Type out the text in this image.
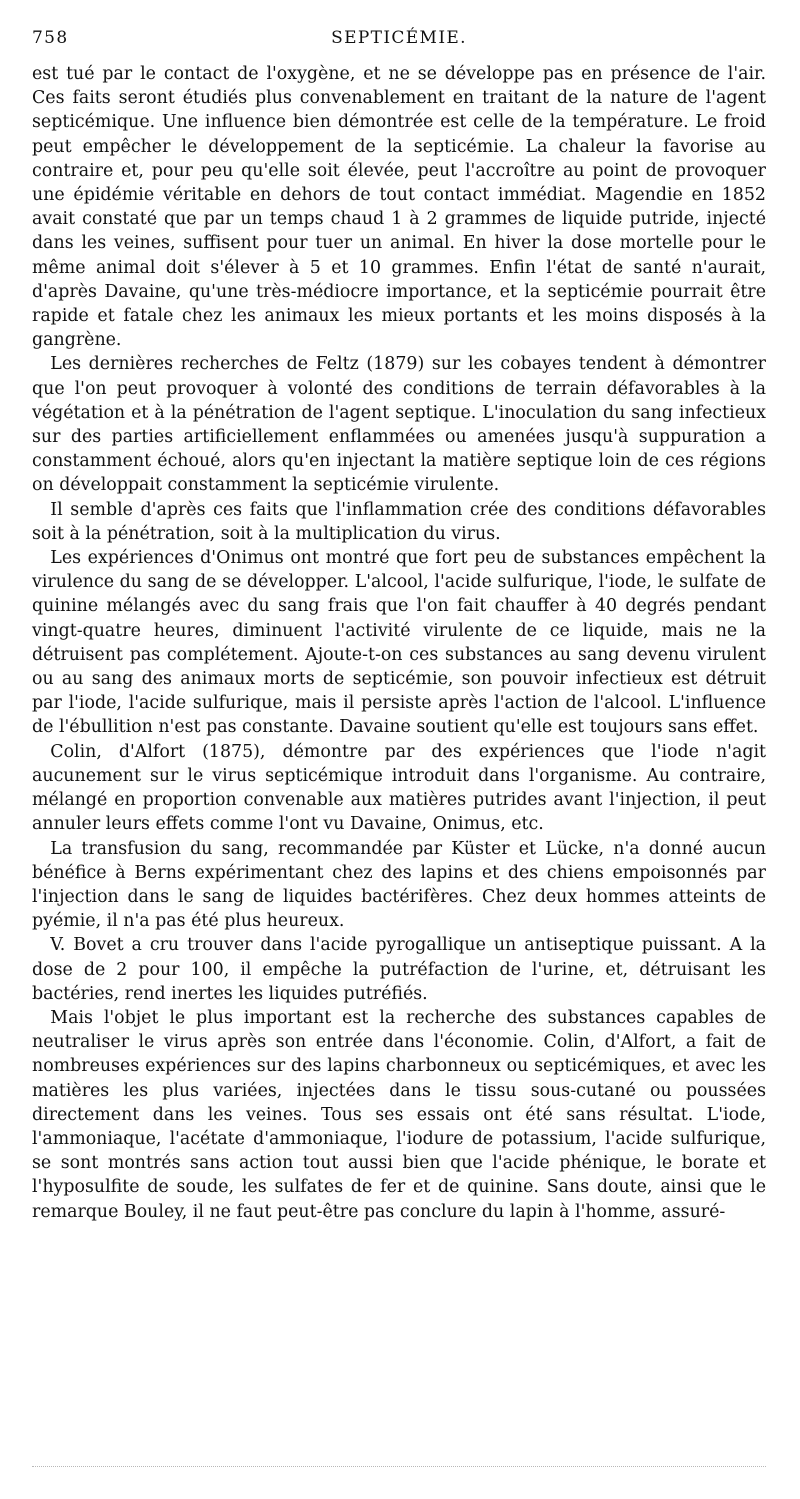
758	SEPTICÉMIE.

est tué par le contact de l'oxygène, et ne se développe pas en présence de l'air. Ces faits seront étudiés plus convenablement en traitant de la nature de l'agent septicémique. Une influence bien démontrée est celle de la température. Le froid peut empêcher le développement de la septicémie. La chaleur la favorise au contraire et, pour peu qu'elle soit élevée, peut l'accroître au point de provoquer une épidémie véritable en dehors de tout contact immédiat. Magendie en 1852 avait constaté que par un temps chaud 1 à 2 grammes de liquide putride, injecté dans les veines, suffisent pour tuer un animal. En hiver la dose mortelle pour le même animal doit s'élever à 5 et 10 grammes. Enfin l'état de santé n'aurait, d'après Davaine, qu'une très-médiocre importance, et la septicémie pourrait être rapide et fatale chez les animaux les mieux portants et les moins disposés à la gangrène.

Les dernières recherches de Feltz (1879) sur les cobayes tendent à démontrer que l'on peut provoquer à volonté des conditions de terrain défavorables à la végétation et à la pénétration de l'agent septique. L'inoculation du sang infectieux sur des parties artificiellement enflammées ou amenées jusqu'à suppuration a constamment échoué, alors qu'en injectant la matière septique loin de ces régions on développait constamment la septicémie virulente.

Il semble d'après ces faits que l'inflammation crée des conditions défavorables soit à la pénétration, soit à la multiplication du virus.

Les expériences d'Onimus ont montré que fort peu de substances empêchent la virulence du sang de se développer. L'alcool, l'acide sulfurique, l'iode, le sulfate de quinine mélangés avec du sang frais que l'on fait chauffer à 40 degrés pendant vingt-quatre heures, diminuent l'activité virulente de ce liquide, mais ne la détruisent pas complétement. Ajoute-t-on ces substances au sang devenu virulent ou au sang des animaux morts de septicémie, son pouvoir infectieux est détruit par l'iode, l'acide sulfurique, mais il persiste après l'action de l'alcool. L'influence de l'ébullition n'est pas constante. Davaine soutient qu'elle est toujours sans effet.

Colin, d'Alfort (1875), démontre par des expériences que l'iode n'agit aucunement sur le virus septicémique introduit dans l'organisme. Au contraire, mélangé en proportion convenable aux matières putrides avant l'injection, il peut annuler leurs effets comme l'ont vu Davaine, Onimus, etc.

La transfusion du sang, recommandée par Küster et Lücke, n'a donné aucun bénéfice à Berns expérimentant chez des lapins et des chiens empoisonnés par l'injection dans le sang de liquides bactérifères. Chez deux hommes atteints de pyémie, il n'a pas été plus heureux.

V. Bovet a cru trouver dans l'acide pyrogallique un antiseptique puissant. A la dose de 2 pour 100, il empêche la putréfaction de l'urine, et, détruisant les bactéries, rend inertes les liquides putréfiés.

Mais l'objet le plus important est la recherche des substances capables de neutraliser le virus après son entrée dans l'économie. Colin, d'Alfort, a fait de nombreuses expériences sur des lapins charbonneux ou septicémiques, et avec les matières les plus variées, injectées dans le tissu sous-cutané ou poussées directement dans les veines. Tous ses essais ont été sans résultat. L'iode, l'ammoniaque, l'acétate d'ammoniaque, l'iodure de potassium, l'acide sulfurique, se sont montrés sans action tout aussi bien que l'acide phénique, le borate et l'hyposulfite de soude, les sulfates de fer et de quinine. Sans doute, ainsi que le remarque Bouley, il ne faut peut-être pas conclure du lapin à l'homme, assuré-
